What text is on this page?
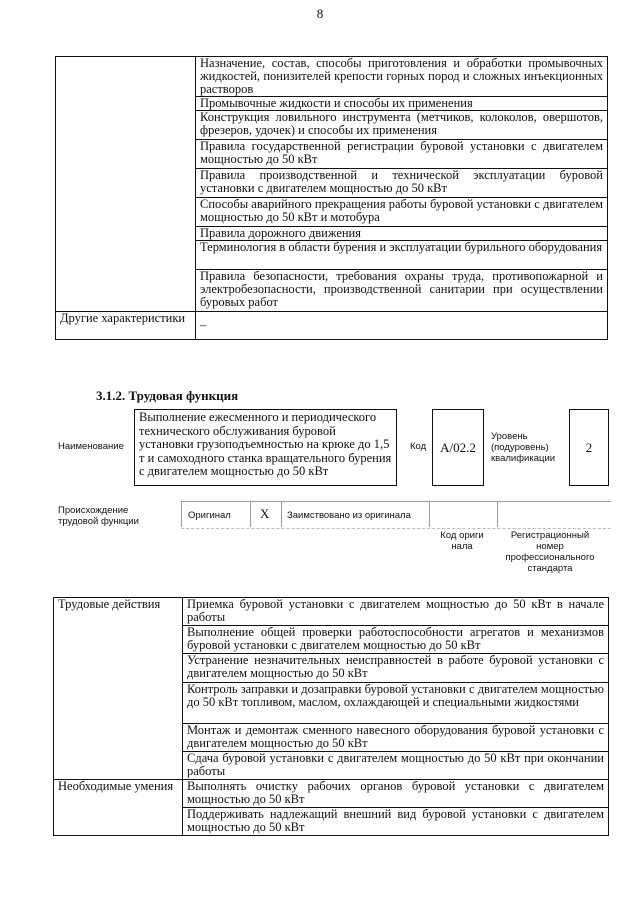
8
	Назначение, состав, способы приготовления и обработки промывочных жидкостей, понизителей крепости горных пород и сложных инъекционных растворов
	Промывочные жидкости и способы их применения
	Конструкция ловильного инструмента (метчиков, колоколов, овершотов, фрезеров, удочек) и способы их применения
	Правила государственной регистрации буровой установки с двигателем мощностью до 50 кВт
	Правила производственной и технической эксплуатации буровой установки с двигателем мощностью до 50 кВт
	Способы аварийного прекращения работы буровой установки с двигателем мощностью до 50 кВт и мотобура
	Правила дорожного движения
	Терминология в области бурения и эксплуатации бурильного оборудования
	Правила безопасности, требования охраны труда, противопожарной и электробезопасности, производственной санитарии при осуществлении буровых работ
Другие характеристики	–
3.1.2. Трудовая функция
Наименование
Выполнение ежесменного и периодического технического обслуживания буровой установки грузоподъемностью на крюке до 1,5 т и самоходного станка вращательного бурения с двигателем мощностью до 50 кВт
Код А/02.2
Уровень (подуровень) квалификации
2
Происхождение трудовой функции
Оригинал X Заимствовано из оригинала
Код оригинала
Регистрационный номер профессионального стандарта
Трудовые действия	Приемка буровой установки с двигателем мощностью до 50 кВт в начале работы
	Выполнение общей проверки работоспособности агрегатов и механизмов буровой установки с двигателем мощностью до 50 кВт
	Устранение незначительных неисправностей в работе буровой установки с двигателем мощностью до 50 кВт
	Контроль заправки и дозаправки буровой установки с двигателем мощностью до 50 кВт топливом, маслом, охлаждающей и специальными жидкостями
	Монтаж и демонтаж сменного навесного оборудования буровой установки с двигателем мощностью до 50 кВт
	Сдача буровой установки с двигателем мощностью до 50 кВт при окончании работы
Необходимые умения	Выполнять очистку рабочих органов буровой установки с двигателем мощностью до 50 кВт
	Поддерживать надлежащий внешний вид буровой установки с двигателем мощностью до 50 кВт
